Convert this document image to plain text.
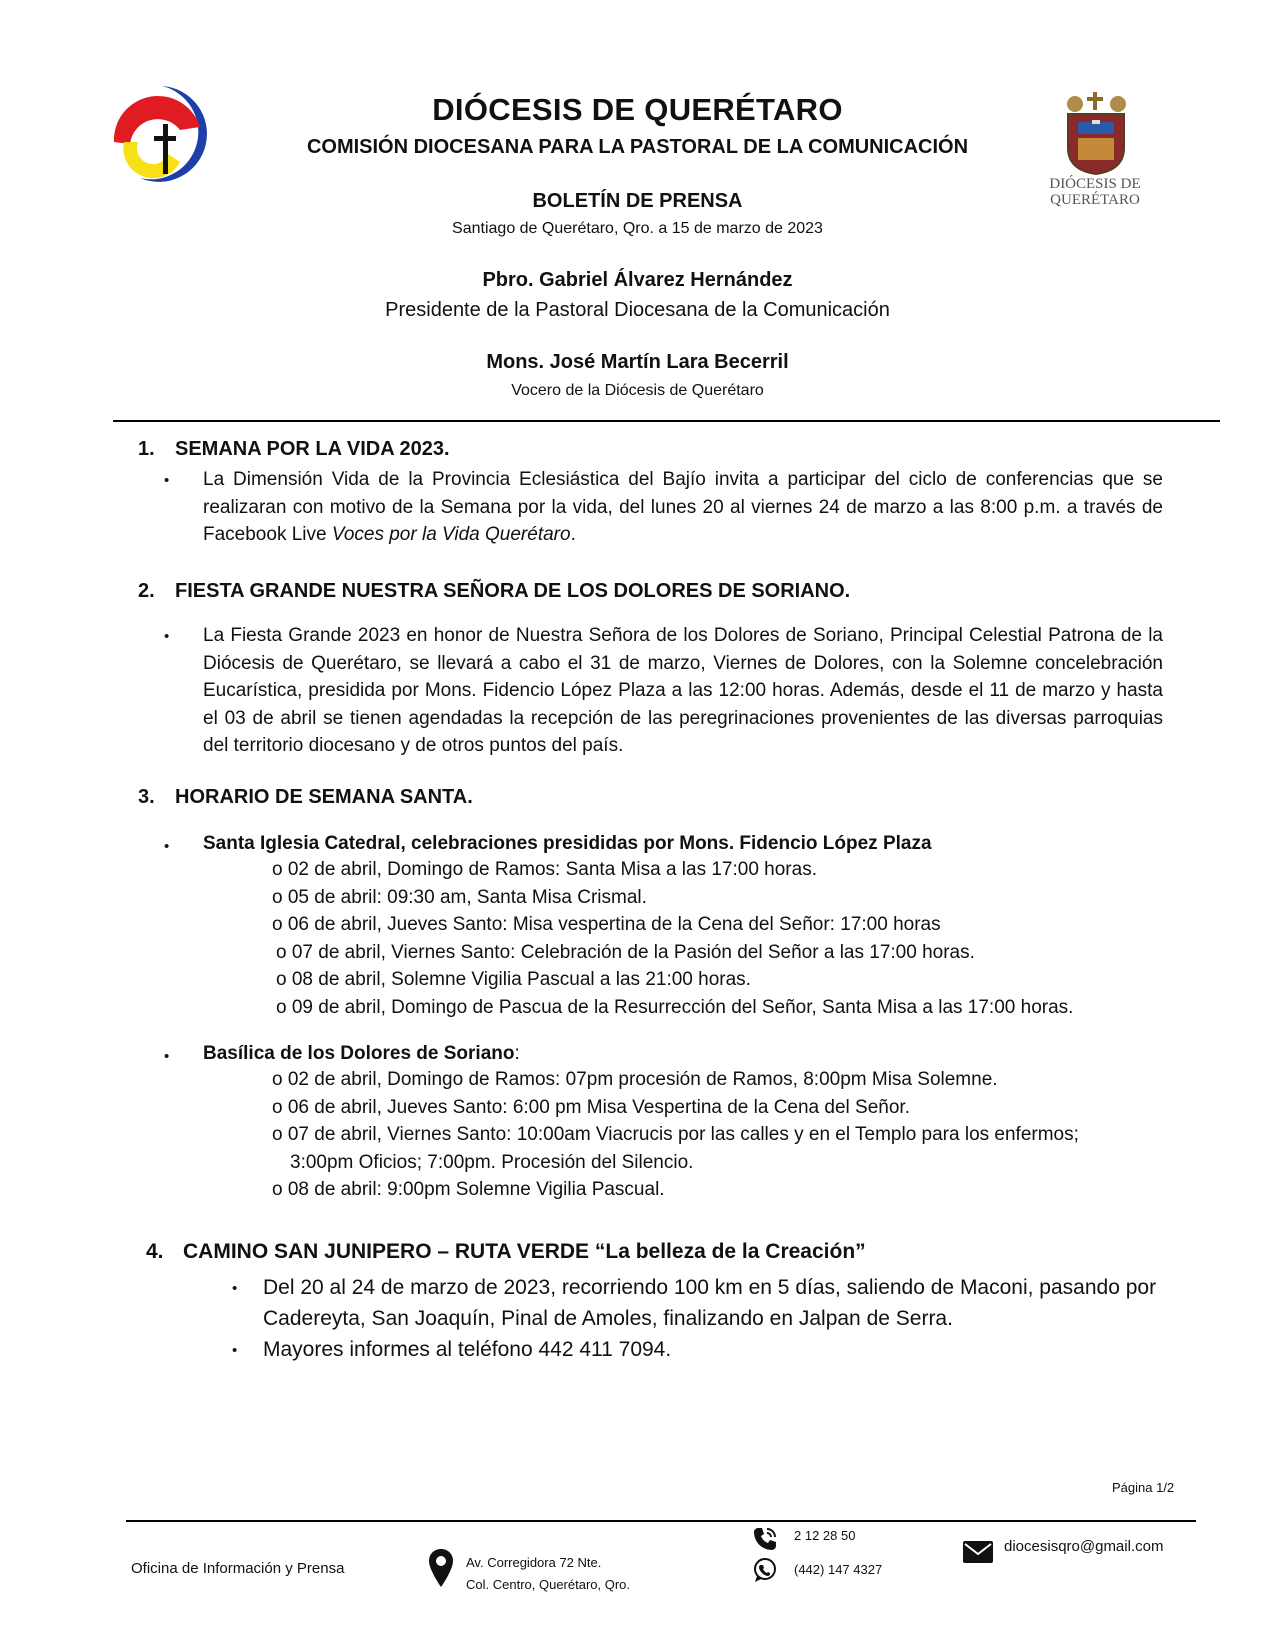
DIÓCESIS DE QUERÉTARO
COMISIÓN DIOCESANA PARA LA PASTORAL DE LA COMUNICACIÓN
BOLETÍN DE PRENSA
Santiago de Querétaro, Qro. a 15 de marzo de 2023
Pbro. Gabriel Álvarez Hernández
Presidente de la Pastoral Diocesana de la Comunicación
Mons. José Martín Lara Becerril
Vocero de la Diócesis de Querétaro
DIÓCESIS DE
QUERÉTARO
1. SEMANA POR LA VIDA 2023.
• La Dimensión Vida de la Provincia Eclesiástica del Bajío invita a participar del ciclo de conferencias que se realizaran con motivo de la Semana por la vida, del lunes 20 al viernes 24 de marzo a las 8:00 p.m. a través de Facebook Live Voces por la Vida Querétaro.
2. FIESTA GRANDE NUESTRA SEÑORA DE LOS DOLORES DE SORIANO.
• La Fiesta Grande 2023 en honor de Nuestra Señora de los Dolores de Soriano, Principal Celestial Patrona de la Diócesis de Querétaro, se llevará a cabo el 31 de marzo, Viernes de Dolores, con la Solemne concelebración Eucarística, presidida por Mons. Fidencio López Plaza a las 12:00 horas. Además, desde el 11 de marzo y hasta el 03 de abril se tienen agendadas la recepción de las peregrinaciones provenientes de las diversas parroquias del territorio diocesano y de otros puntos del país.
3. HORARIO DE SEMANA SANTA.
• Santa Iglesia Catedral, celebraciones presididas por Mons. Fidencio López Plaza
o 02 de abril, Domingo de Ramos: Santa Misa a las 17:00 horas.
o 05 de abril: 09:30 am, Santa Misa Crismal.
o 06 de abril, Jueves Santo: Misa vespertina de la Cena del Señor: 17:00 horas
o 07 de abril, Viernes Santo: Celebración de la Pasión del Señor a las 17:00 horas.
o 08 de abril, Solemne Vigilia Pascual a las 21:00 horas.
o 09 de abril, Domingo de Pascua de la Resurrección del Señor, Santa Misa a las 17:00 horas.
• Basílica de los Dolores de Soriano:
o 02 de abril, Domingo de Ramos: 07pm procesión de Ramos, 8:00pm Misa Solemne.
o 06 de abril, Jueves Santo: 6:00 pm Misa Vespertina de la Cena del Señor.
o 07 de abril, Viernes Santo: 10:00am Viacrucis por las calles y en el Templo para los enfermos;
3:00pm Oficios; 7:00pm. Procesión del Silencio.
o 08 de abril: 9:00pm Solemne Vigilia Pascual.
4. CAMINO SAN JUNIPERO – RUTA VERDE “La belleza de la Creación”
• Del 20 al 24 de marzo de 2023, recorriendo 100 km en 5 días, saliendo de Maconi, pasando por Cadereyta, San Joaquín, Pinal de Amoles, finalizando en Jalpan de Serra.
• Mayores informes al teléfono 442 411 7094.
Página 1/2
Oficina de Información y Prensa	Av. Corregidora 72 Nte.
Col. Centro, Querétaro, Qro.
2 12 28 50
(442) 147 4327
diocesisqro@gmail.com
